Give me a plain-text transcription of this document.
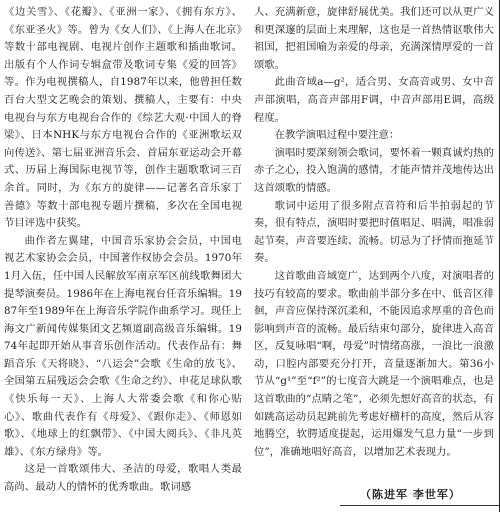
《边关雪》、《花瓣》、《亚洲一家》、《拥有东方》、《东亚圣火》等。曾为《女人们》、《上海人在北京》等数十部电视剧、电视片创作主题歌和插曲歌词。出版有个人作词专辑盒带及歌词专集《爱的回答》等。作为电视撰稿人，自1987年以来，他曾担任数百台大型文艺晚会的策划、撰稿人，主要有：中央电视台与东方电视台合作的《综艺大观·中国人的脊梁》、日本NHK与东方电视台合作的《亚洲歌坛双向传送》、第七届亚洲音乐会、首届东亚运动会开幕式、历届上海国际电视节等，创作主题歌歌词三百余首。同时，为《东方的旋律——记著名音乐家丁善德》等数十部电视专题片撰稿，多次在全国电视节目评选中获奖。

曲作者左翼建，中国音乐家协会会员，中国电视艺术家协会会员，中国著作权协会会员。1970年1月入伍，任中国人民解放军南京军区前线歌舞团大提琴演奏员。1986年在上海电视台任音乐编辑。1987年至1989年在上海音乐学院作曲系学习。现任上海文广新闻传媒集团文艺频道副高级音乐编辑。1974年起即开始从事音乐创作活动。代表作品有：舞蹈音乐《天将晓》、“八运会”会歌《生命的放飞》、全国第五届残运会会歌《生命之约》、申花足球队歌《快乐每一天》、上海人大常委会歌《和你心贴心》、歌曲代表作有《母爱》、《跟你走》、《师恩如歌》、《地球上的红飘带》、《中国大阅兵》、《非凡英雄》、《东方绿舟》等。

这是一首歌颂伟大、圣洁的母爱，歌唱人类最高尚、最动人的情怀的优秀歌曲。歌词感

人、充满新意，旋律舒展优美。我们还可以从更广义和更深邃的层面上来理解，这也是一首热情讴歌伟大祖国，把祖国喻为亲爱的母亲，充满深情厚爱的一首颂歌。

此曲音域a—g²，适合男、女高音或男、女中音声部演唱，高音声部用F调，中音声部用E调，高级程度。

在教学演唱过程中要注意：

演唱时要深刻领会歌词，要怀着一颗真诚灼热的赤子之心，投入饱满的感情，才能声情并茂地传达出这首颂歌的情感。

歌词中运用了很多附点音符和后半拍弱起的节奏，很有特点，演唱时要把时值唱足、唱满，唱准弱起节奏，声音要连续、流畅。切忌为了抒情而拖延节奏。

这首歌曲音域宽广，达到两个八度，对演唱者的技巧有较高的要求。歌曲前半部分多在中、低音区徘徊，声音应保持深沉柔和，不能因追求厚重的音色而影响到声音的流畅。最后结束句部分，旋律进入高音区，反复咏唱“啊，母爱”时情绪高涨，一浪比一浪激动，口腔内部要充分打开，音量逐渐加大。第36小节从“g¹”至“f²”的七度音大跳是一个演唱难点，也是这首歌曲的“点睛之笔”，必须先想好高音的状态，有如跳高运动员起跳前先考虑好横杆的高度，然后从容地腾空，软腭适度提起，运用爆发气息力量“一步到位”，准确地唱好高音，以增加艺术表现力。

（陈进军 李世军）
